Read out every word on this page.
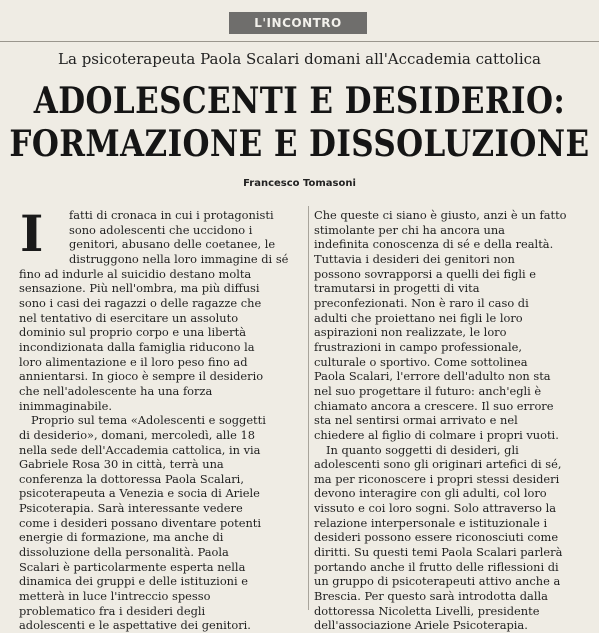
L'INCONTRO
La psicoterapeuta Paola Scalari domani all'Accademia cattolica
ADOLESCENTI E DESIDERIO:
FORMAZIONE E DISSOLUZIONE
Francesco Tomasoni
I	fatti di cronaca in cui i protagonisti
sono adolescenti che uccidono i
genitori, abusano delle coetanee, le
distruggono nella loro immagine di sé
fino ad indurle al suicidio destano molta
sensazione. Più nell'ombra, ma più diffusi
sono i casi dei ragazzi o delle ragazze che
nel tentativo di esercitare un assoluto
dominio sul proprio corpo e una libertà
incondizionata dalla famiglia riducono la
loro alimentazione e il loro peso fino ad
annientarsi. In gioco è sempre il desiderio
che nell'adolescente ha una forza
inimmaginabile.
Proprio sul tema «Adolescenti e soggetti
di desiderio», domani, mercoledì, alle 18
nella sede dell'Accademia cattolica, in via
Gabriele Rosa 30 in città, terrà una
conferenza la dottoressa Paola Scalari,
psicoterapeuta a Venezia e socia di Ariele
Psicoterapia. Sarà interessante vedere
come i desideri possano diventare potenti
energie di formazione, ma anche di
dissoluzione della personalità. Paola
Scalari è particolarmente esperta nella
dinamica dei gruppi e delle istituzioni e
metterà in luce l'intreccio spesso
problematico fra i desideri degli
adolescenti e le aspettative dei genitori.
Che queste ci siano è giusto, anzi è un fatto
stimolante per chi ha ancora una
indefinita conoscenza di sé e della realtà.
Tuttavia i desideri dei genitori non
possono sovrapporsi a quelli dei figli e
tramutarsi in progetti di vita
preconfezionati. Non è raro il caso di
adulti che proiettano nei figli le loro
aspirazioni non realizzate, le loro
frustrazioni in campo professionale,
culturale o sportivo. Come sottolinea
Paola Scalari, l'errore dell'adulto non sta
nel suo progettare il futuro: anch'egli è
chiamato ancora a crescere. Il suo errore
sta nel sentirsi ormai arrivato e nel
chiedere al figlio di colmare i propri vuoti.
In quanto soggetti di desideri, gli
adolescenti sono gli originari artefici di sé,
ma per riconoscere i propri stessi desideri
devono interagire con gli adulti, col loro
vissuto e coi loro sogni. Solo attraverso la
relazione interpersonale e istituzionale i
desideri possono essere riconosciuti come
diritti. Su questi temi Paola Scalari parlerà
portando anche il frutto delle riflessioni di
un gruppo di psicoterapeuti attivo anche a
Brescia. Per questo sarà introdotta dalla
dottoressa Nicoletta Livelli, presidente
dell'associazione Ariele Psicoterapia.
